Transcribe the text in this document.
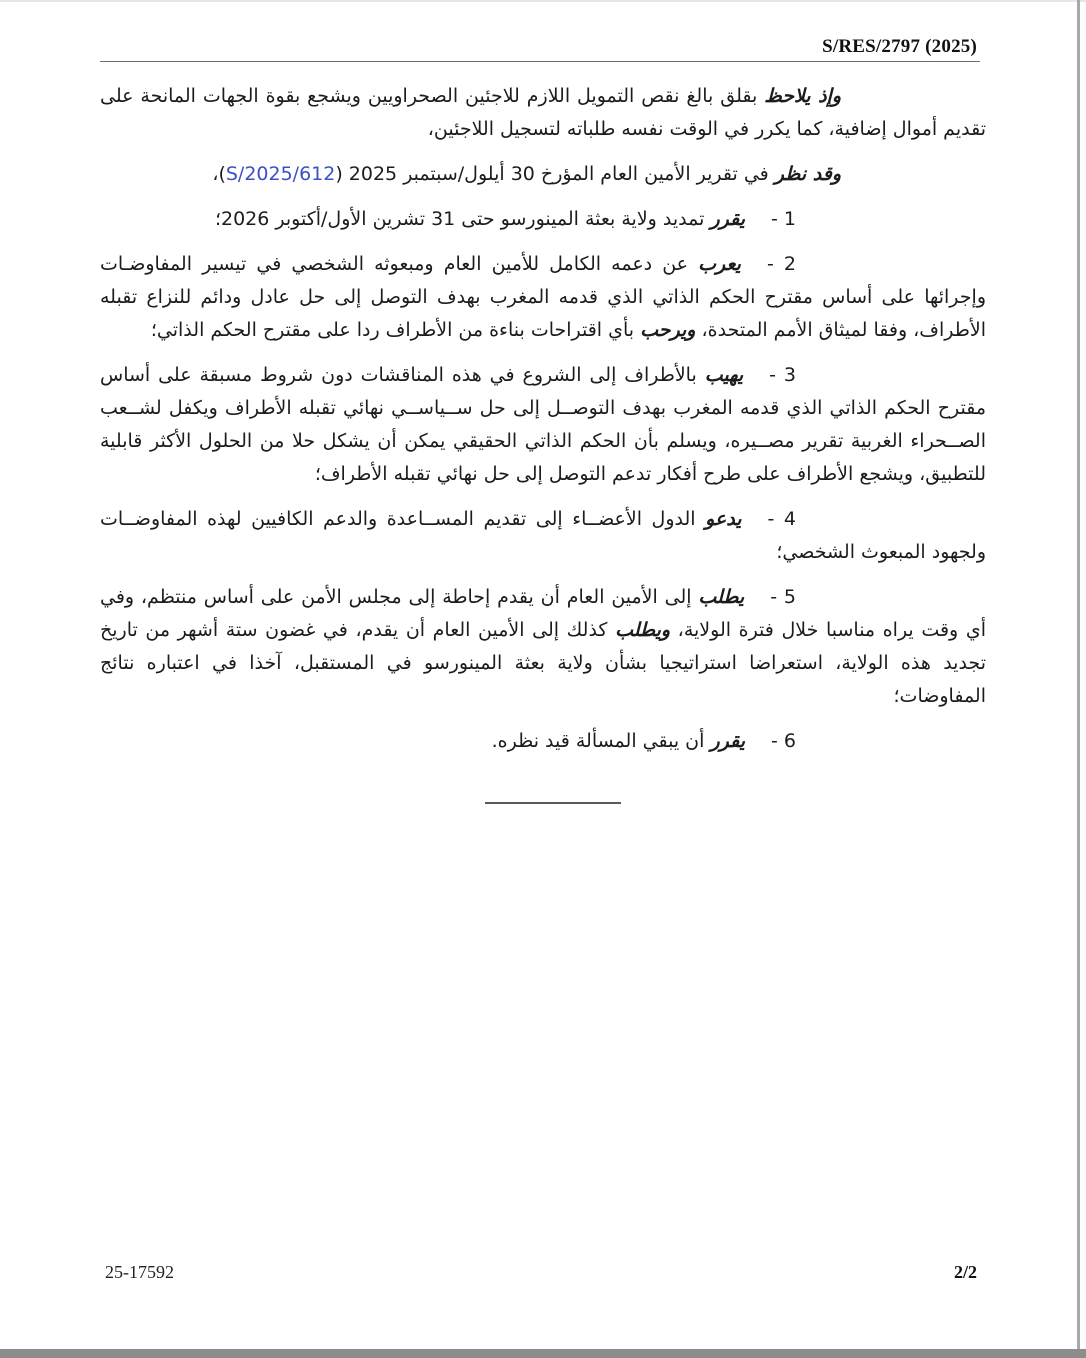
S/RES/2797 (2025)

وإذ يلاحظ بقلق بالغ نقص التمويل اللازم للاجئين الصحراويين ويشجع بقوة الجهات المانحة على تقديم أموال إضافية، كما يكرر في الوقت نفسه طلباته لتسجيل اللاجئين،

وقد نظر في تقرير الأمين العام المؤرخ 30 أيلول/سبتمبر 2025 (S/2025/612)،

1 -يقرر تمديد ولاية بعثة المينورسو حتى 31 تشرين الأول/أكتوبر 2026؛

2 -يعرب عن دعمه الكامل للأمين العام ومبعوثه الشخصي في تيسير المفاوضـات وإجرائها على أساس مقترح الحكم الذاتي الذي قدمه المغرب بهدف التوصل إلى حل عادل ودائم للنزاع تقبله الأطراف، وفقا لميثاق الأمم المتحدة، ويرحب بأي اقتراحات بناءة من الأطراف ردا على مقترح الحكم الذاتي؛

3 -يهيب بالأطراف إلى الشروع في هذه المناقشات دون شروط مسبقة على أساس مقترح الحكم الذاتي الذي قدمه المغرب بهدف التوصــل إلى حل ســياســي نهائي تقبله الأطراف ويكفل لشــعب الصــحراء الغربية تقرير مصــيره، ويسلم بأن الحكم الذاتي الحقيقي يمكن أن يشكل حلا من الحلول الأكثر قابلية للتطبيق، ويشجع الأطراف على طرح أفكار تدعم التوصل إلى حل نهائي تقبله الأطراف؛

4 -يدعو الدول الأعضــاء إلى تقديم المســاعدة والدعم الكافيين لهذه المفاوضــات ولجهود المبعوث الشخصي؛

5 -يطلب إلى الأمين العام أن يقدم إحاطة إلى مجلس الأمن على أساس منتظم، وفي أي وقت يراه مناسبا خلال فترة الولاية، ويطلب كذلك إلى الأمين العام أن يقدم، في غضون ستة أشهر من تاريخ تجديد هذه الولاية، استعراضا استراتيجيا بشأن ولاية بعثة المينورسو في المستقبل، آخذا في اعتباره نتائج المفاوضات؛

6 -يقرر أن يبقي المسألة قيد نظره.

25-17592	2/2
